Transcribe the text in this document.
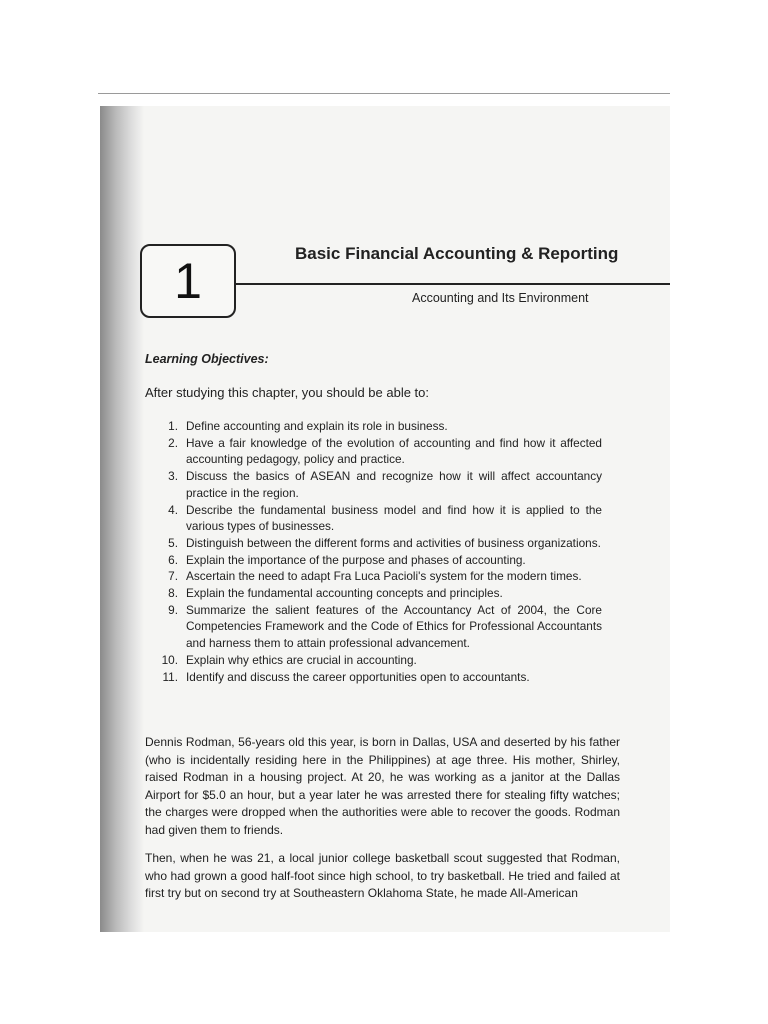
1	Basic Financial Accounting & Reporting
Accounting and Its Environment
Learning Objectives:
After studying this chapter, you should be able to:
1. Define accounting and explain its role in business.
2. Have a fair knowledge of the evolution of accounting and find how it affected accounting pedagogy, policy and practice.
3. Discuss the basics of ASEAN and recognize how it will affect accountancy practice in the region.
4. Describe the fundamental business model and find how it is applied to the various types of businesses.
5. Distinguish between the different forms and activities of business organizations.
6. Explain the importance of the purpose and phases of accounting.
7. Ascertain the need to adapt Fra Luca Pacioli's system for the modern times.
8. Explain the fundamental accounting concepts and principles.
9. Summarize the salient features of the Accountancy Act of 2004, the Core Competencies Framework and the Code of Ethics for Professional Accountants and harness them to attain professional advancement.
10. Explain why ethics are crucial in accounting.
11. Identify and discuss the career opportunities open to accountants.

Dennis Rodman, 56-years old this year, is born in Dallas, USA and deserted by his father (who is incidentally residing here in the Philippines) at age three. His mother, Shirley, raised Rodman in a housing project. At 20, he was working as a janitor at the Dallas Airport for $5.0 an hour, but a year later he was arrested there for stealing fifty watches; the charges were dropped when the authorities were able to recover the goods. Rodman had given them to friends.

Then, when he was 21, a local junior college basketball scout suggested that Rodman, who had grown a good half-foot since high school, to try basketball. He tried and failed at first try but on second try at Southeastern Oklahoma State, he made All-American
